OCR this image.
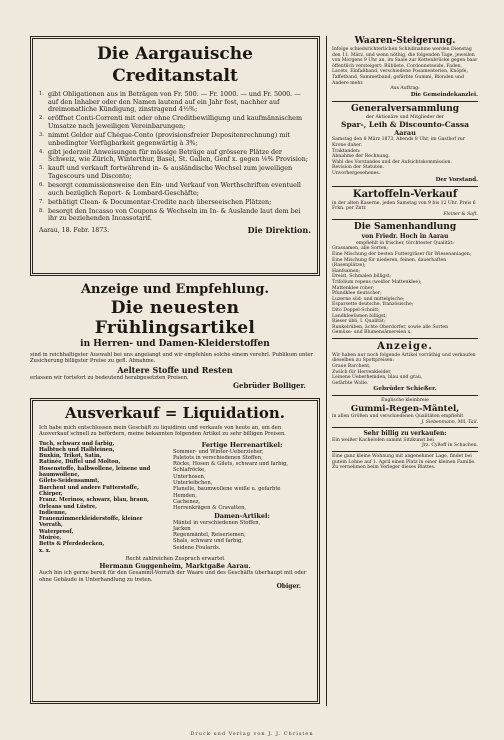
Die Aargauische Creditanstalt
1. gibt Obligationen aus in Beträgen von Fr. 500. — Fr. 1000. — und Fr. 5000. — auf den Inhaber oder den Namen lautend auf ein Jahr fest, nachher auf dreimonatliche Kündigung, zinstragend 4½%;
2. eröffnet Conti-Correnti mit oder ohne Creditbewilligung und kaufmännischem Umsatze nach jeweiligen Vereinbarungen;
3. nimmt Gelder auf Chéque-Conto (provisionsfreier Depositenrechnung) mit unbedingter Verfügbarkeit gegenwärtig à 3%;
4. gibt jederzeit Anweisungen für mässige Beträge auf grössere Plätze der Schweiz, wie Zürich, Winterthur, Basel, St. Gallen, Genf x. gegen ⅛% Provision;
5. kauft und verkauft fortwährend in- & ausländische Wechsel zum jeweiligen Tagescours und Disconto;
6. besorgt commissionsweise den Ein- und Verkauf von Werthschriften eventuell auch bezüglich Report- & Lombard-Geschäfte;
7. bethätigt Clean- & Documentar-Credite nach überseeischen Plätzen;
8. besorgt den Incasso von Coupons & Wechseln im In- & Auslande laut dem bei ihr zu beziehenden Incassotarif.
Aarau, 18. Febr. 1873.	Die Direktion.
Anzeige und Empfehlung.
Die neuesten Frühlingsartikel
in Herren- und Damen-Kleiderstoffen
sind in reichhaltigster Auswahl bei uns angelangt und wir empfehlen solche einem verehrl. Publikum unter Zusicherung billigster Preise zu gefl. Abnahme.
Aeltere Stoffe und Resten
erlassen wir fortsfort zu bedeutend herabgesetzten Preisen.
Gebrüder Bolliger.
Ausverkauf = Liquidation.
Ich habe mich entschlossen mein Geschäft zu liquidiren und verkaufe von heute an, um den Ausverkauf schnell zu befördern, meine bekannten folgenden Artikel zu sehr billigen Preisen.
Tuch, schwarz und farbig,
Halbtuch und Halbleinen,
Buxkin, Trikot, Satin,
Ratinée, Düffel und Molton,
Hosenstoffe, halbwollene, leinene und baumwollene,
Gilets-Seidensammt,
Barchent und andere Futterstoffe,
Chirper,
Franz. Merinos, schwarz, blau, braun, Orleans und Lüstre,
Indienne,
Frauenzimmerkleiderstoffe, kleiner Vorrath,
Waterproof,
Moirée,
Betts & Pferdedecken,
x. x.
Fertige Herrenartikel:
Sommer- und Winter-Ueberzieher,
Paletots in verschiedenen Stoffen,
Röcke, Hosen & Gilets, schwarz und farbig,
Schlafröcke,
Unterhosen,
Unterleibchen,
Flanelle, baumwollene weiße u. gefarbte
Hemden,
Cachenez,
Herrenkrägen & Cravatten,
Damen-Artikel:
Mäntel in verschiedenen Stoffen,
Jacken
Regenmäntel, Reiseriemen,
Shals, schwarz und farbig,
Seidene Foulards.
Recht zahlreichen Zuspruch erwartet
Hermann Guggenheim, Marktgaße Aarau.
Auch bin ich gerne bereit für den Gesammt-Vorrath der Waare und des Geschäfts überhaupt mit oder ohne Gebäude in Unterhandlung zu treten.
Obiger.
Waaren-Steigerung.
Infolge schiedsrichterlichen Schlußnahme werden Dienstag den 11. März, und wenn nöthig, die folgenden Tage, jeweilen von Morgens 9 Uhr an, im Saale zur Kettenbrücke gegen baar öffentlich versteigert: Rübliete, Cordonnetseide, Faden, Lacets, Einfaßband, verschiedene Posamenterien, Knöpfe, Taffetband, Sammetband, gefärbte Gummi, Blonden und Andere mehr.
Aus Auftrag:
Die Gemeindekanzlei.
Generalversammlung
der Aktionäre und Mitglieder der
Spar-, Leih & Discounto-Cassa
Aarau
Samstag den 8 März 1873, Abends 8 Uhr, im Gasthof zur Krone daher.
Traktanden:
Abnahme der Rechnung.
Wahl des Vorstandes und der Aufsichtskommission.
Revision der Statuten.
Unvorhergesehenes.
Der Vorstand.
Kartoffeln-Verkauf
in der alten Kaserne, jeden Samstag von 9 bis 12 Uhr. Preis 6 Frkn. per Zntr.
Fleiner & Saft.
Die Samenhandlung
von Friedr. Hoch in Aarau
empfiehlt in frischer, törchtester Qualität:
Grassamen, alle Sorten;
Eine Mischung der besten Futtergräser für Wiesenanlagen;
Eine Mischung für niederen, feinen, dauerhaften (Rasenplätze);
Hanfsamen;
Dreist, Schmalen billigst;
Trifolium repens (weißer Mattenklee);
Mattenklee roher;
Pfundklee deutscher;
Luzerne süd- und mittelgische;
Esparsette deutsche, französische;
Dito Doppel-Schnitt;
Landkleefamen billigst;
Rieser übli, I. Qualität;
Runkelrüben, ächte Oberdorfer, sowie alle Sorten
Gemüse- und Blumensämereien x.
Anzeige.
Wir haben nur noch folgende Artikel vorräthig und verkaufen dieselben zu Spottpreisen:
Graue Barchent,
Zwilch für Herrenkleider,
Leinene Ueberhemden, blau und grau,
Gefärbte Wolle.
Gebrüder Schießer.
Englische kleinbreie
Gummi-Regen-Mäntel,
in allen Größen und verschiedenen Qualitäten empfiehlt
J. Siebenmann, Mil.-Tail.
Sehr billig zu verkaufen:
Ein weißer Kachelofen sammt Sitzkunst bei
Jrz. Cyßoff in Schachen.
Eine ganz kleine Wohnung mit angenehmer Lage, findet bei gutem Lohne auf 1. April einen Platz in einer kleinen Familie. Zu vernehmen beim Verleger dieses Blattes.
Druck und Verlag von J. J. Christen
